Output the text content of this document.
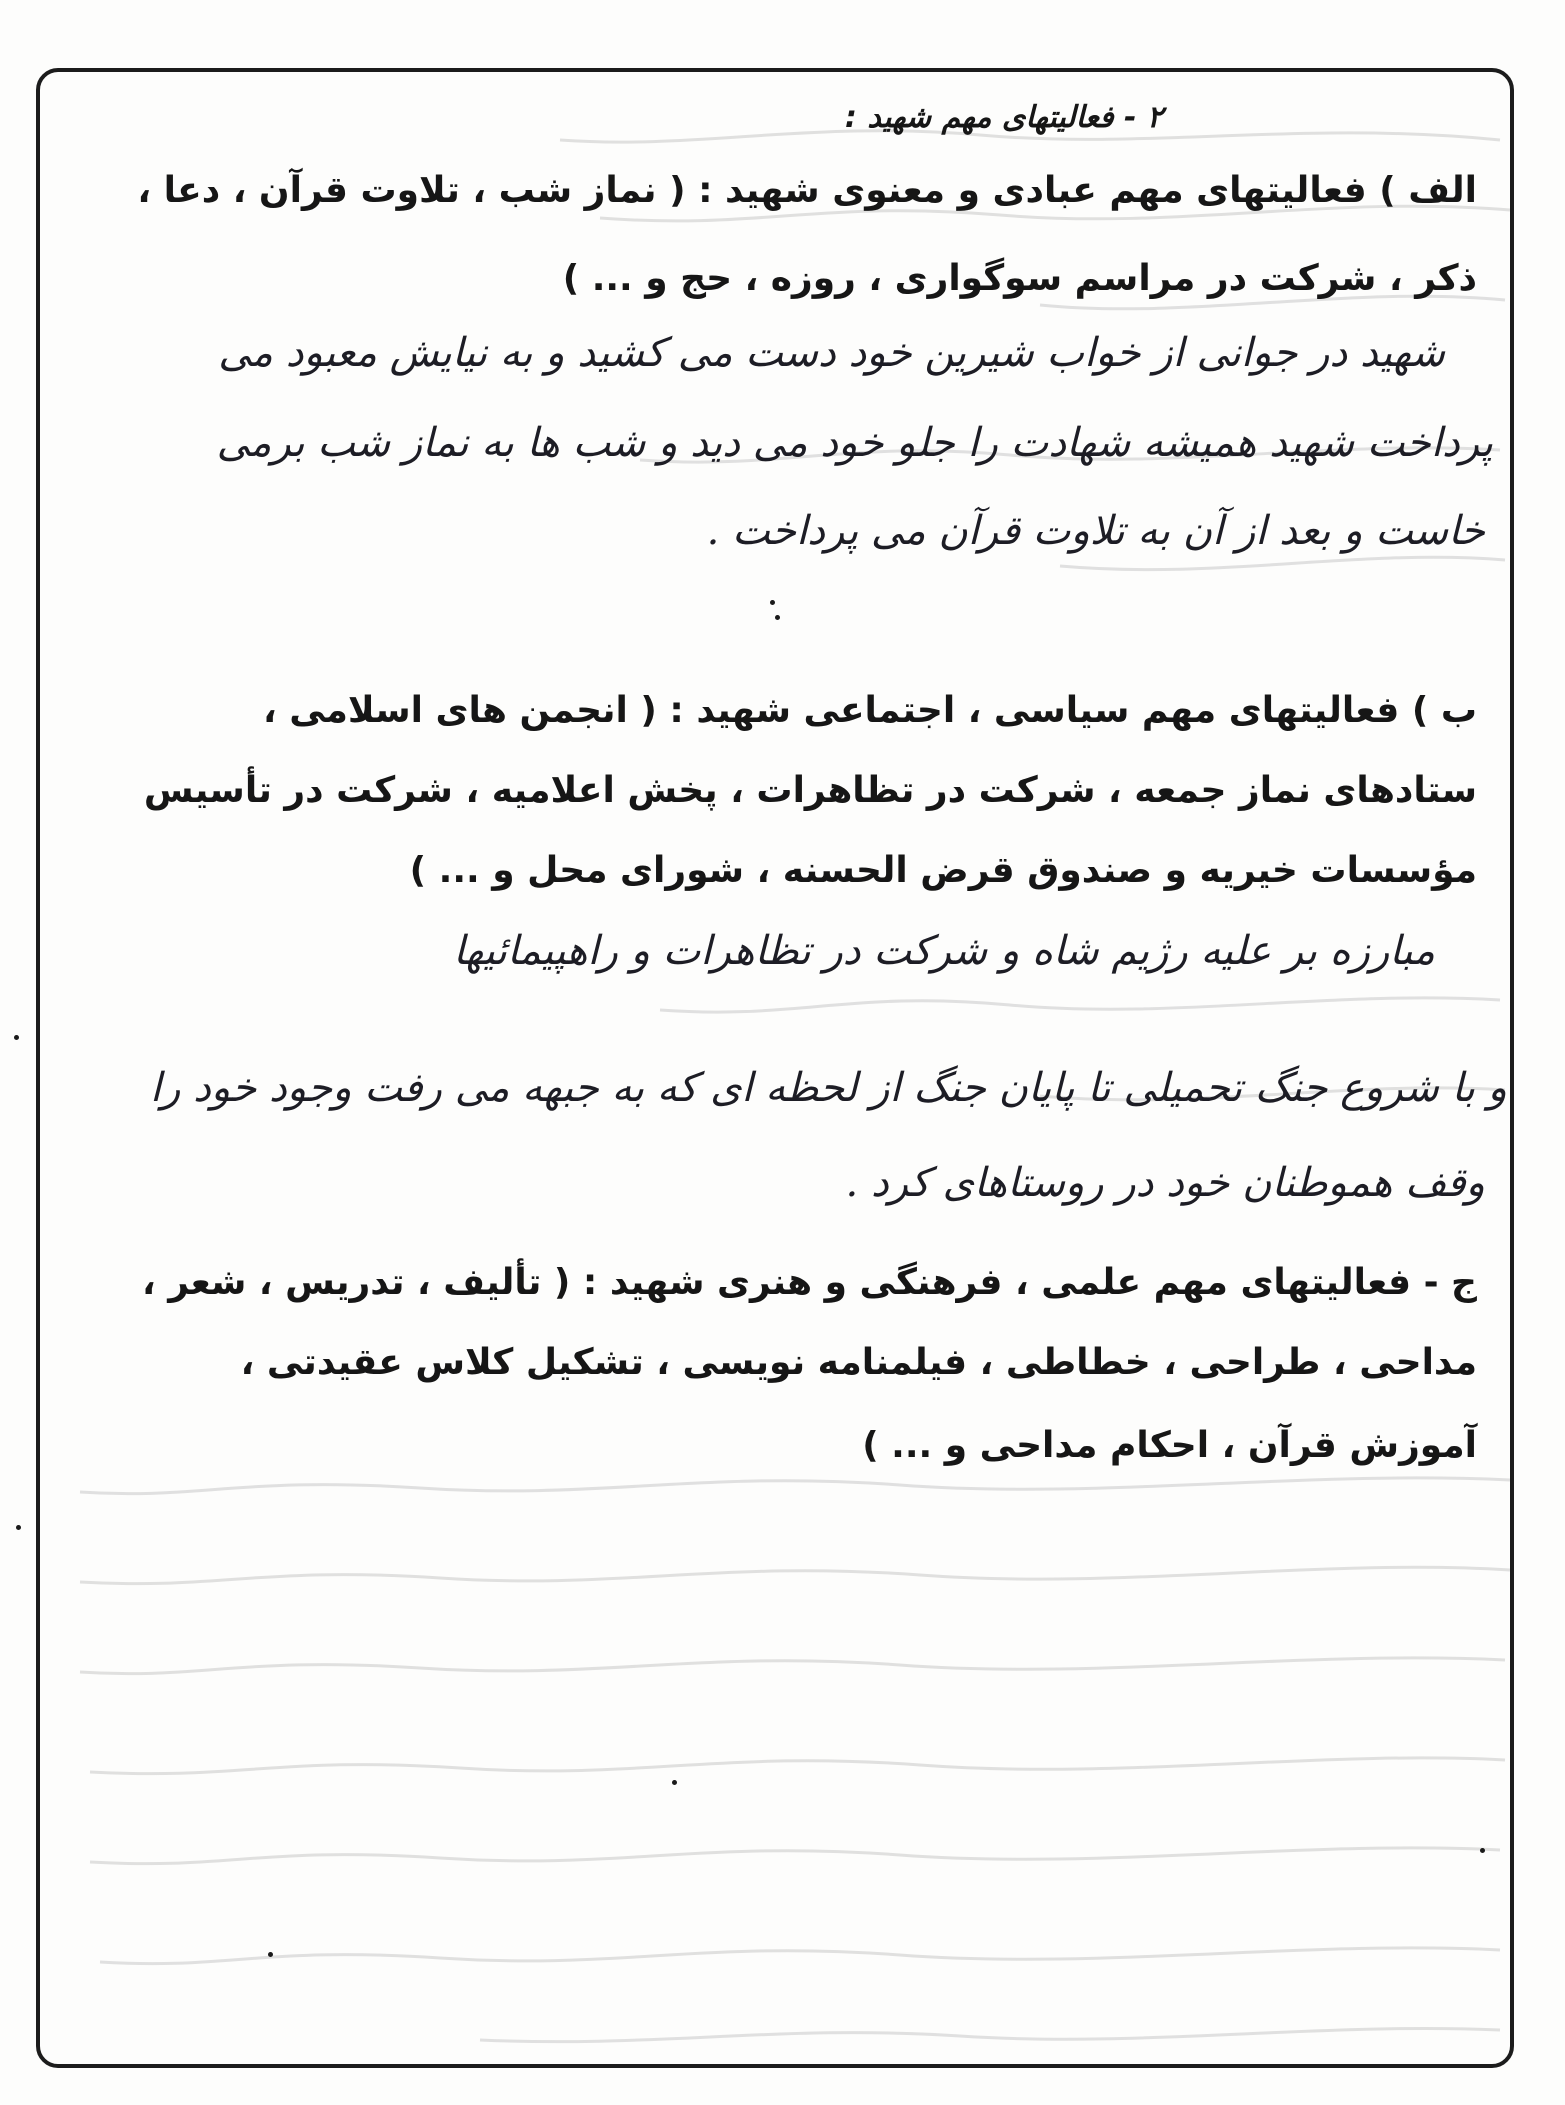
۲ - فعالیتهای مهم شهید :
الف ) فعالیتهای مهم عبادی و معنوی شهید : ( نماز شب ، تلاوت قرآن ، دعا ،
ذکر ، شرکت در مراسم سوگواری ، روزه ، حج و ... )
شهید در جوانی از خواب شیرین خود دست می کشید و به نیایش معبود می
پرداخت شهید همیشه شهادت را جلو خود می دید و شب ها به نماز شب برمی
خاست و بعد از آن به تلاوت قرآن می پرداخت .
ب ) فعالیتهای مهم سیاسی ، اجتماعی شهید : ( انجمن های اسلامی ،
ستادهای نماز جمعه ، شرکت در تظاهرات ، پخش اعلامیه ، شرکت در تأسیس
مؤسسات خیریه و صندوق قرض الحسنه ، شورای محل و ... )
مبارزه بر علیه رژیم شاه و شرکت در تظاهرات و راهپیمائیها
و با شروع جنگ تحمیلی تا پایان جنگ از لحظه ای که به جبهه می رفت وجود خود را
وقف هموطنان خود در روستاهای کرد .
ج - فعالیتهای مهم علمی ، فرهنگی و هنری شهید : ( تألیف ، تدریس ، شعر ،
مداحی ، طراحی ، خطاطی ، فیلمنامه نویسی ، تشکیل کلاس عقیدتی ،
آموزش قرآن ، احکام مداحی و ... )
